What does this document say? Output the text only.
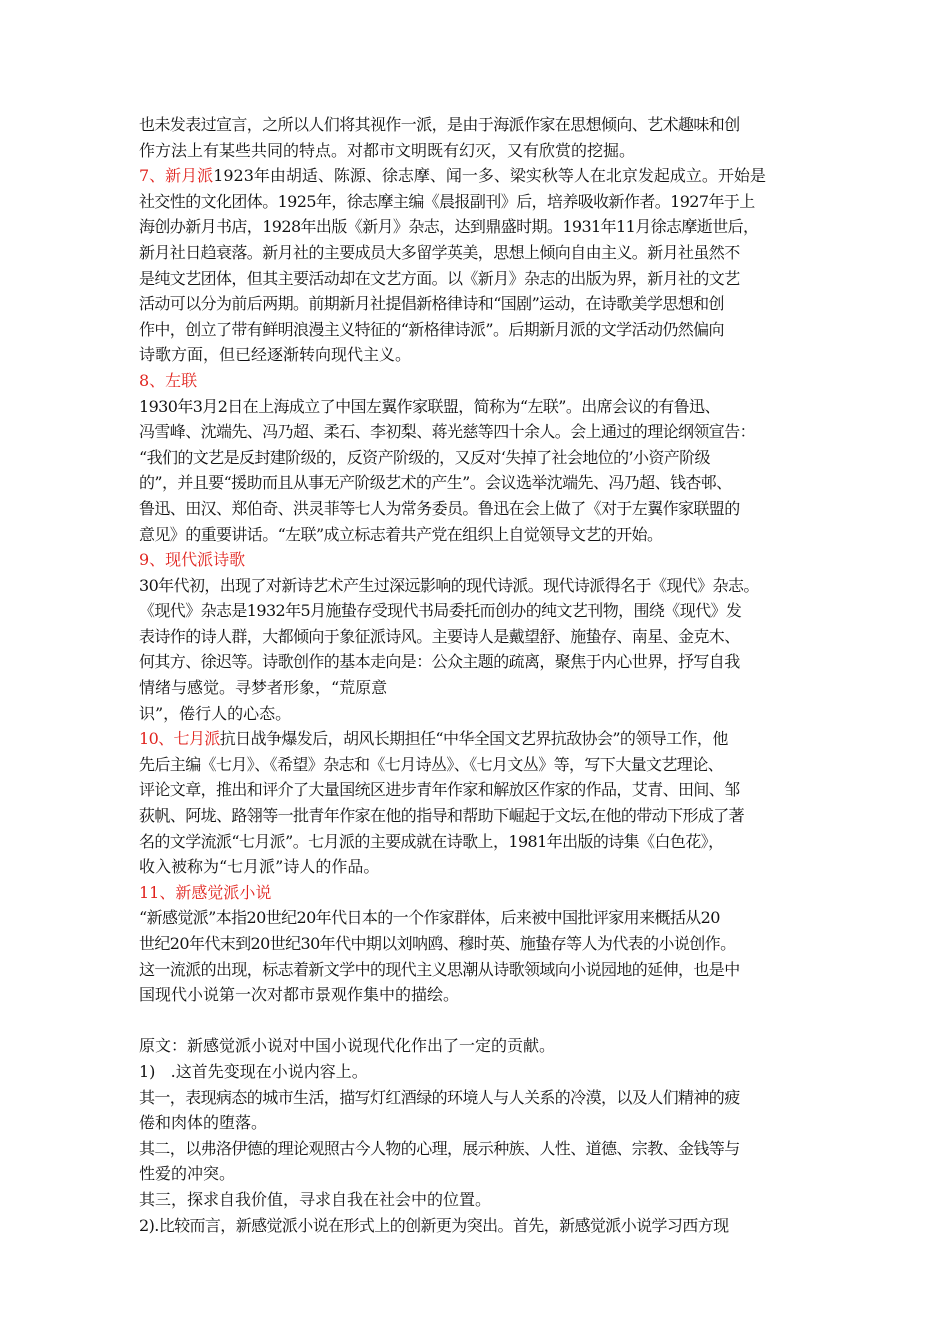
也未发表过宣言，之所以人们将其视作一派，是由于海派作家在思想倾向、艺术趣味和创
作方法上有某些共同的特点。对都市文明既有幻灭，又有欣赏的挖掘。
7、新月派1923年由胡适、陈源、徐志摩、闻一多、梁实秋等人在北京发起成立。开始是
社交性的文化团体。1925年，徐志摩主编《晨报副刊》后，培养吸收新作者。1927年于上
海创办新月书店，1928年出版《新月》杂志，达到鼎盛时期。1931年11月徐志摩逝世后，
新月社日趋衰落。新月社的主要成员大多留学英美，思想上倾向自由主义。新月社虽然不
是纯文艺团体，但其主要活动却在文艺方面。以《新月》杂志的出版为界，新月社的文艺
活动可以分为前后两期。前期新月社提倡新格律诗和“国剧”运动，在诗歌美学思想和创
作中，创立了带有鲜明浪漫主义特征的“新格律诗派”。后期新月派的文学活动仍然偏向
诗歌方面，但已经逐渐转向现代主义。
8、左联
1930年3月2日在上海成立了中国左翼作家联盟，简称为“左联”。出席会议的有鲁迅、
冯雪峰、沈端先、冯乃超、柔石、李初梨、蒋光慈等四十余人。会上通过的理论纲领宣告：
“我们的文艺是反封建阶级的，反资产阶级的，又反对‘失掉了社会地位的’小资产阶级
的”，并且要“援助而且从事无产阶级艺术的产生”。会议选举沈端先、冯乃超、钱杏邨、
鲁迅、田汉、郑伯奇、洪灵菲等七人为常务委员。鲁迅在会上做了《对于左翼作家联盟的
意见》的重要讲话。“左联”成立标志着共产党在组织上自觉领导文艺的开始。
9、现代派诗歌
30年代初，出现了对新诗艺术产生过深远影响的现代诗派。现代诗派得名于《现代》杂志。
《现代》杂志是1932年5月施蛰存受现代书局委托而创办的纯文艺刊物，围绕《现代》发
表诗作的诗人群，大都倾向于象征派诗风。主要诗人是戴望舒、施蛰存、南星、金克木、
何其方、徐迟等。诗歌创作的基本走向是：公众主题的疏离，聚焦于内心世界，抒写自我
情绪与感觉。寻梦者形象，“荒原意
识”，倦行人的心态。
10、七月派抗日战争爆发后，胡风长期担任“中华全国文艺界抗敌协会”的领导工作，他
先后主编《七月》、《希望》杂志和《七月诗丛》、《七月文丛》等，写下大量文艺理论、
评论文章，推出和评介了大量国统区进步青年作家和解放区作家的作品，艾青、田间、邹
荻帆、阿垅、路翎等一批青年作家在他的指导和帮助下崛起于文坛,在他的带动下形成了著
名的文学流派“七月派”。七月派的主要成就在诗歌上，1981年出版的诗集《白色花》，
收入被称为“七月派”诗人的作品。
11、新感觉派小说
“新感觉派”本指20世纪20年代日本的一个作家群体，后来被中国批评家用来概括从20
世纪20年代末到20世纪30年代中期以刘呐鸥、穆时英、施蛰存等人为代表的小说创作。
这一流派的出现，标志着新文学中的现代主义思潮从诗歌领域向小说园地的延伸，也是中
国现代小说第一次对都市景观作集中的描绘。
原文：新感觉派小说对中国小说现代化作出了一定的贡献。
1)   .这首先变现在小说内容上。
其一，表现病态的城市生活，描写灯红酒绿的环境人与人关系的冷漠，以及人们精神的疲
倦和肉体的堕落。
其二，以弗洛伊德的理论观照古今人物的心理，展示种族、人性、道德、宗教、金钱等与
性爱的冲突。
其三，探求自我价值，寻求自我在社会中的位置。
2).比较而言，新感觉派小说在形式上的创新更为突出。首先，新感觉派小说学习西方现
